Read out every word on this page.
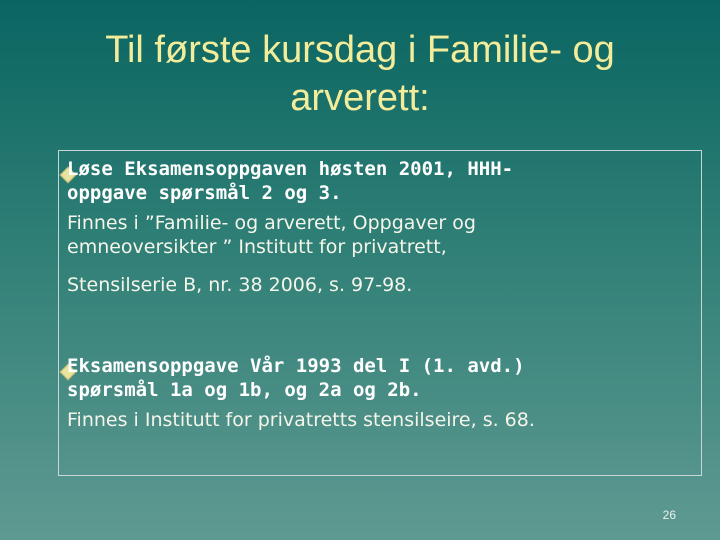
Til første kursdag i Familie- og
arverett:
Løse Eksamensoppgaven høsten 2001, HHH-
oppgave spørsmål 2 og 3.
Finnes i ”Familie- og arverett, Oppgaver og
emneoversikter ” Institutt for privatrett,
Stensilserie B, nr. 38 2006, s. 97-98.
Eksamensoppgave Vår 1993 del I (1. avd.)
spørsmål 1a og 1b, og 2a og 2b.
Finnes i Institutt for privatretts stensilseire, s. 68.
26
